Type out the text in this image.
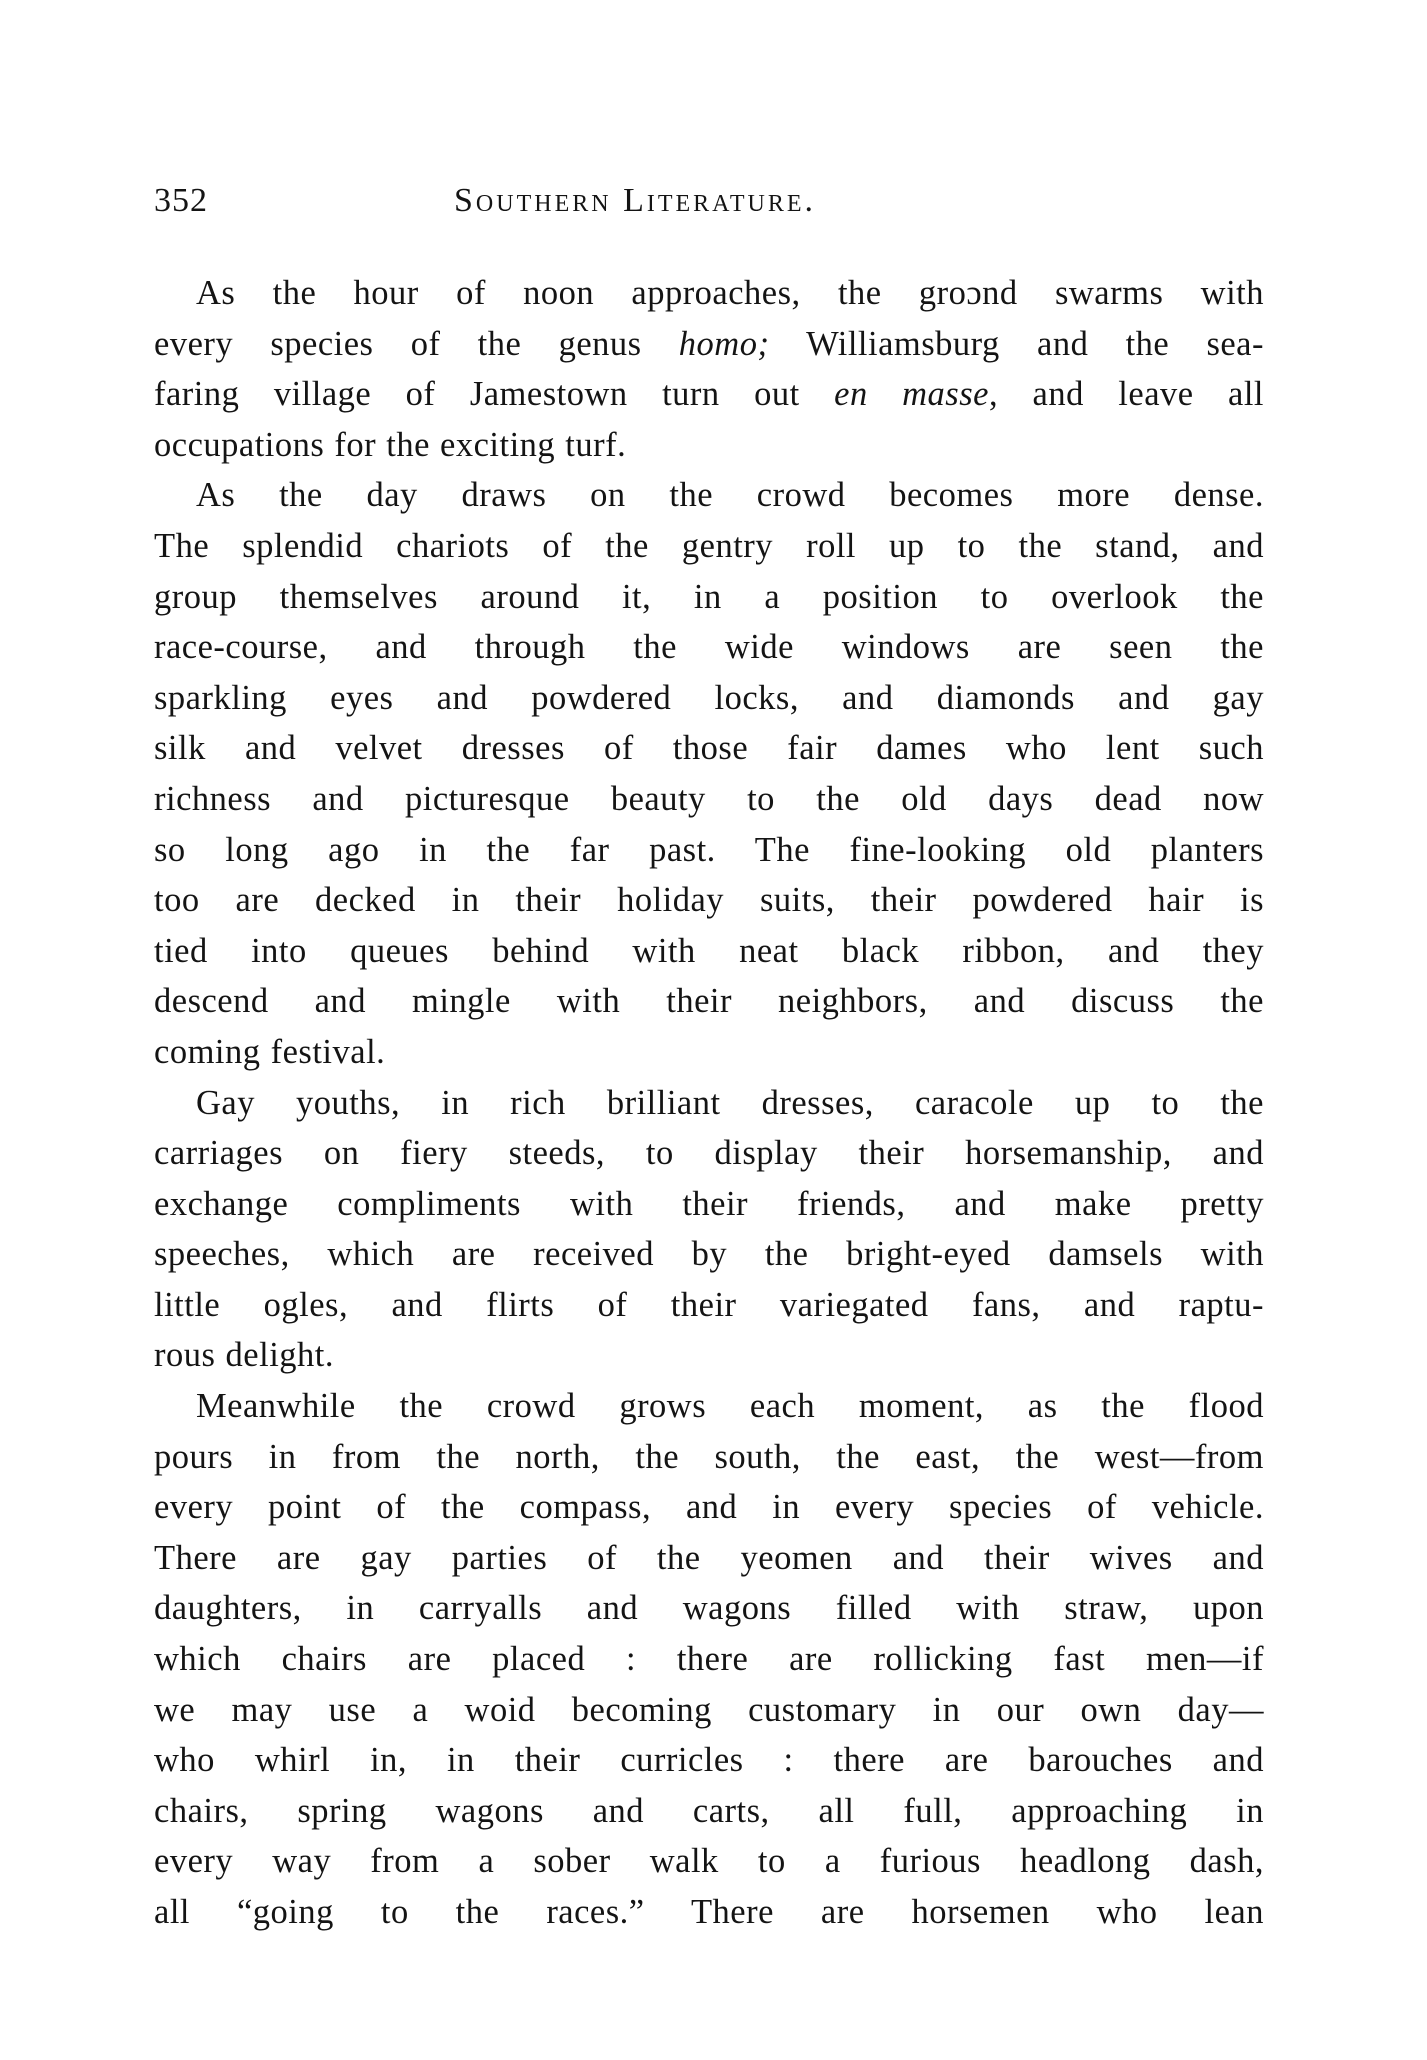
352	Southern Literature.
As the hour of noon approaches, the groɔnd swarms with
every species of the genus homo; Williamsburg and the sea-
faring village of Jamestown turn out en masse, and leave all
occupations for the exciting turf.
As the day draws on the crowd becomes more dense.
The splendid chariots of the gentry roll up to the stand, and
group themselves around it, in a position to overlook the
race-course, and through the wide windows are seen the
sparkling eyes and powdered locks, and diamonds and gay
silk and velvet dresses of those fair dames who lent such
richness and picturesque beauty to the old days dead now
so long ago in the far past. The fine-looking old planters
too are decked in their holiday suits, their powdered hair is
tied into queues behind with neat black ribbon, and they
descend and mingle with their neighbors, and discuss the
coming festival.
Gay youths, in rich brilliant dresses, caracole up to the
carriages on fiery steeds, to display their horsemanship, and
exchange compliments with their friends, and make pretty
speeches, which are received by the bright-eyed damsels with
little ogles, and flirts of their variegated fans, and raptu-
rous delight.
Meanwhile the crowd grows each moment, as the flood
pours in from the north, the south, the east, the west—from
every point of the compass, and in every species of vehicle.
There are gay parties of the yeomen and their wives and
daughters, in carryalls and wagons filled with straw, upon
which chairs are placed : there are rollicking fast men—if
we may use a woid becoming customary in our own day—
who whirl in, in their curricles : there are barouches and
chairs, spring wagons and carts, all full, approaching in
every way from a sober walk to a furious headlong dash,
all “going to the races.” There are horsemen who lean
